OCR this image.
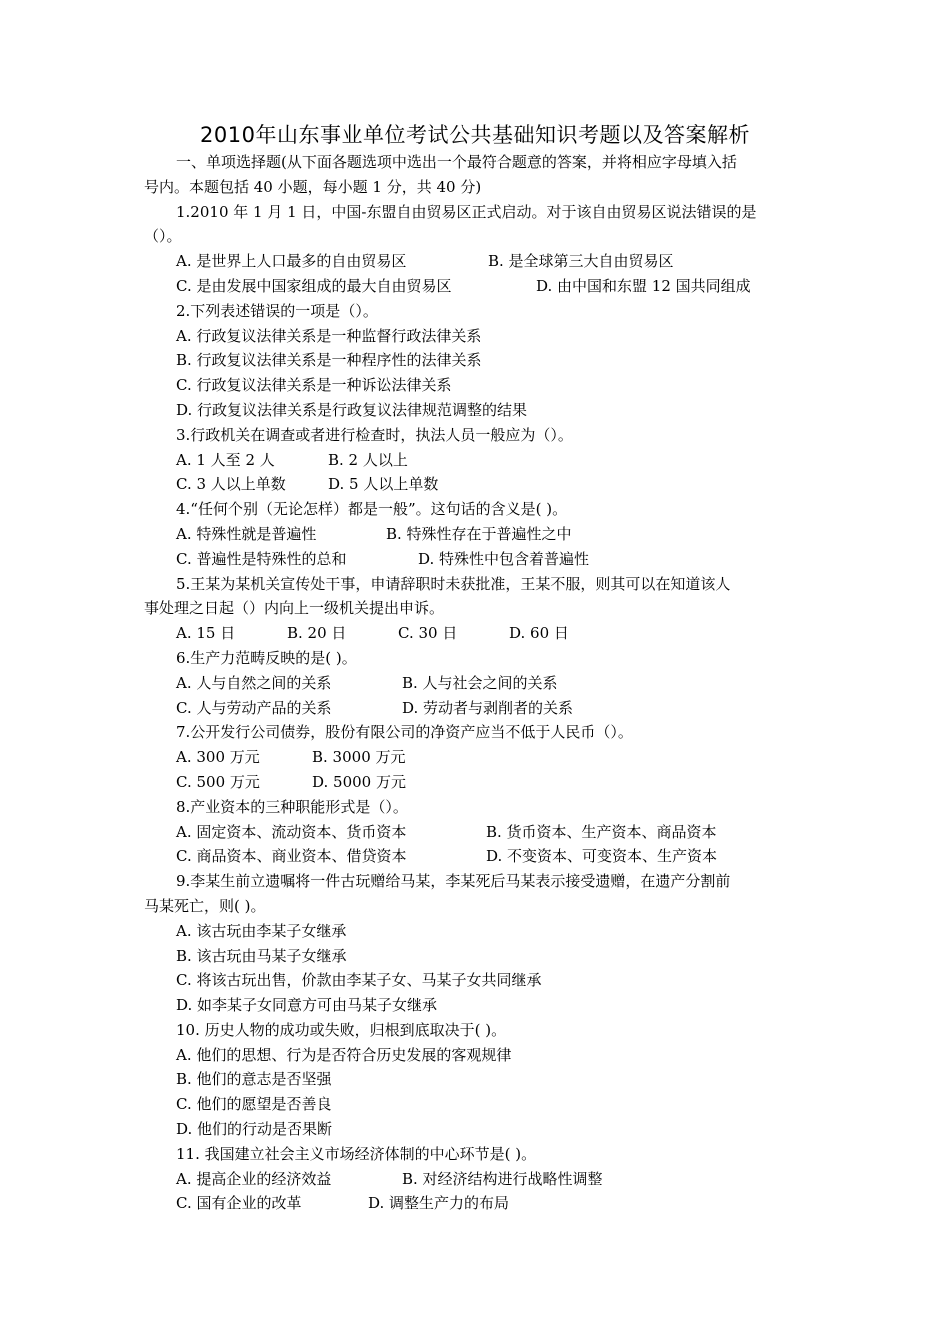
2010年山东事业单位考试公共基础知识考题以及答案解析
一、单项选择题(从下面各题选项中选出一个最符合题意的答案，并将相应字母填入括
号内。本题包括 40 小题，每小题 1 分，共 40 分)
1.2010 年 1 月 1 日，中国-东盟自由贸易区正式启动。对于该自由贸易区说法错误的是
（）。
A. 是世界上人口最多的自由贸易区	B. 是全球第三大自由贸易区
C. 是由发展中国家组成的最大自由贸易区	D. 由中国和东盟 12 国共同组成
2.下列表述错误的一项是（）。
A. 行政复议法律关系是一种监督行政法律关系
B. 行政复议法律关系是一种程序性的法律关系
C. 行政复议法律关系是一种诉讼法律关系
D. 行政复议法律关系是行政复议法律规范调整的结果
3.行政机关在调查或者进行检查时，执法人员一般应为（）。
A. 1 人至 2 人	B. 2 人以上
C. 3 人以上单数	D. 5 人以上单数
4.“任何个别（无论怎样）都是一般”。这句话的含义是( )。
A. 特殊性就是普遍性	B. 特殊性存在于普遍性之中
C. 普遍性是特殊性的总和	D. 特殊性中包含着普遍性
5.王某为某机关宣传处干事，申请辞职时未获批准，王某不服，则其可以在知道该人
事处理之日起（）内向上一级机关提出申诉。
A. 15 日	B. 20 日	C. 30 日	D. 60 日
6.生产力范畴反映的是( )。
A. 人与自然之间的关系	B. 人与社会之间的关系
C. 人与劳动产品的关系	D. 劳动者与剥削者的关系
7.公开发行公司债券，股份有限公司的净资产应当不低于人民币（）。
A. 300 万元	B. 3000 万元
C. 500 万元	D. 5000 万元
8.产业资本的三种职能形式是（）。
A. 固定资本、流动资本、货币资本	B. 货币资本、生产资本、商品资本
C. 商品资本、商业资本、借贷资本	D. 不变资本、可变资本、生产资本
9.李某生前立遗嘱将一件古玩赠给马某，李某死后马某表示接受遗赠，在遗产分割前
马某死亡，则( )。
A. 该古玩由李某子女继承
B. 该古玩由马某子女继承
C. 将该古玩出售，价款由李某子女、马某子女共同继承
D. 如李某子女同意方可由马某子女继承
10. 历史人物的成功或失败，归根到底取决于( )。
A. 他们的思想、行为是否符合历史发展的客观规律
B. 他们的意志是否坚强
C. 他们的愿望是否善良
D. 他们的行动是否果断
11. 我国建立社会主义市场经济体制的中心环节是( )。
A. 提高企业的经济效益	B. 对经济结构进行战略性调整
C. 国有企业的改革	D. 调整生产力的布局
